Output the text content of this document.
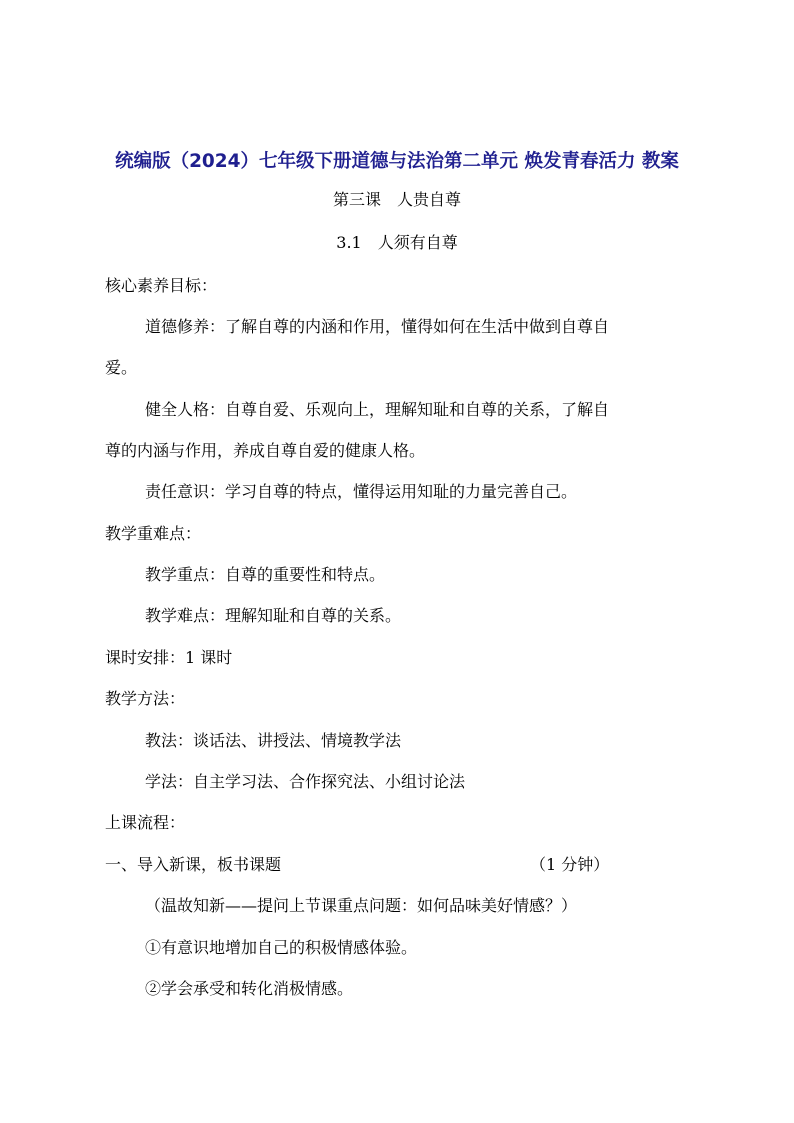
统编版（2024）七年级下册道德与法治第二单元 焕发青春活力 教案
第三课　人贵自尊
3.1　人须有自尊
核心素养目标：
道德修养：了解自尊的内涵和作用，懂得如何在生活中做到自尊自
爱。
健全人格：自尊自爱、乐观向上，理解知耻和自尊的关系，了解自
尊的内涵与作用，养成自尊自爱的健康人格。
责任意识：学习自尊的特点，懂得运用知耻的力量完善自己。
教学重难点：
教学重点：自尊的重要性和特点。
教学难点：理解知耻和自尊的关系。
课时安排：1 课时
教学方法：
教法：谈话法、讲授法、情境教学法
学法：自主学习法、合作探究法、小组讨论法
上课流程：
一、导入新课，板书课题	（1 分钟）
（温故知新——提问上节课重点问题：如何品味美好情感？）
①有意识地增加自己的积极情感体验。
②学会承受和转化消极情感。
